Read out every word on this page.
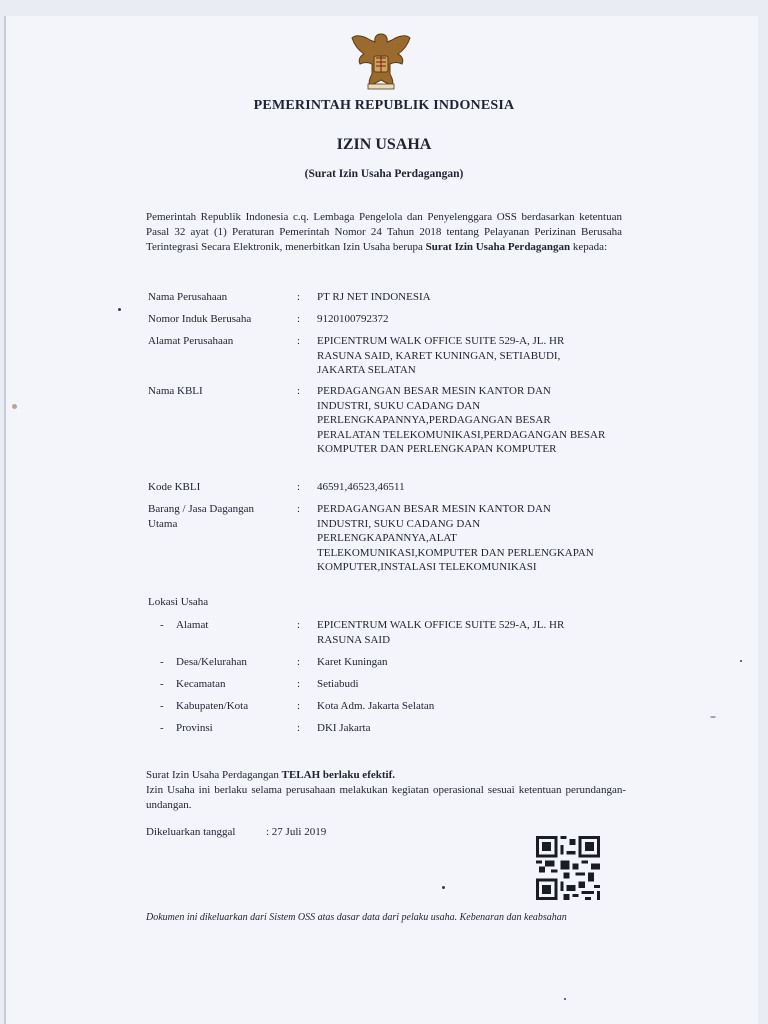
PEMERINTAH REPUBLIK INDONESIA
IZIN USAHA
(Surat Izin Usaha Perdagangan)
Pemerintah Republik Indonesia c.q. Lembaga Pengelola dan Penyelenggara OSS berdasarkan ketentuan Pasal 32 ayat (1) Peraturan Pemerintah Nomor 24 Tahun 2018 tentang Pelayanan Perizinan Berusaha Terintegrasi Secara Elektronik, menerbitkan Izin Usaha berupa Surat Izin Usaha Perdagangan kepada:
Nama Perusahaan	: PT RJ NET INDONESIA
Nomor Induk Berusaha	: 9120100792372
Alamat Perusahaan	: EPICENTRUM WALK OFFICE SUITE 529-A, JL. HR RASUNA SAID, KARET KUNINGAN, SETIABUDI, JAKARTA SELATAN
Nama KBLI	: PERDAGANGAN BESAR MESIN KANTOR DAN INDUSTRI, SUKU CADANG DAN PERLENGKAPANNYA,PERDAGANGAN BESAR PERALATAN TELEKOMUNIKASI,PERDAGANGAN BESAR KOMPUTER DAN PERLENGKAPAN KOMPUTER
Kode KBLI	: 46591,46523,46511
Barang / Jasa Dagangan Utama
: PERDAGANGAN BESAR MESIN KANTOR DAN INDUSTRI, SUKU CADANG DAN PERLENGKAPANNYA,ALAT TELEKOMUNIKASI,KOMPUTER DAN PERLENGKAPAN KOMPUTER,INSTALASI TELEKOMUNIKASI
Lokasi Usaha
- Alamat	: EPICENTRUM WALK OFFICE SUITE 529-A, JL. HR RASUNA SAID
- Desa/Kelurahan	: Karet Kuningan
- Kecamatan	: Setiabudi
- Kabupaten/Kota	: Kota Adm. Jakarta Selatan
- Provinsi	: DKI Jakarta
Surat Izin Usaha Perdagangan TELAH berlaku efektif.
Izin Usaha ini berlaku selama perusahaan melakukan kegiatan operasional sesuai ketentuan perundangan-undangan.
Dikeluarkan tanggal	: 27 Juli 2019
Dokumen ini dikeluarkan dari Sistem OSS atas dasar data dari pelaku usaha. Kebenaran dan keabsahan
